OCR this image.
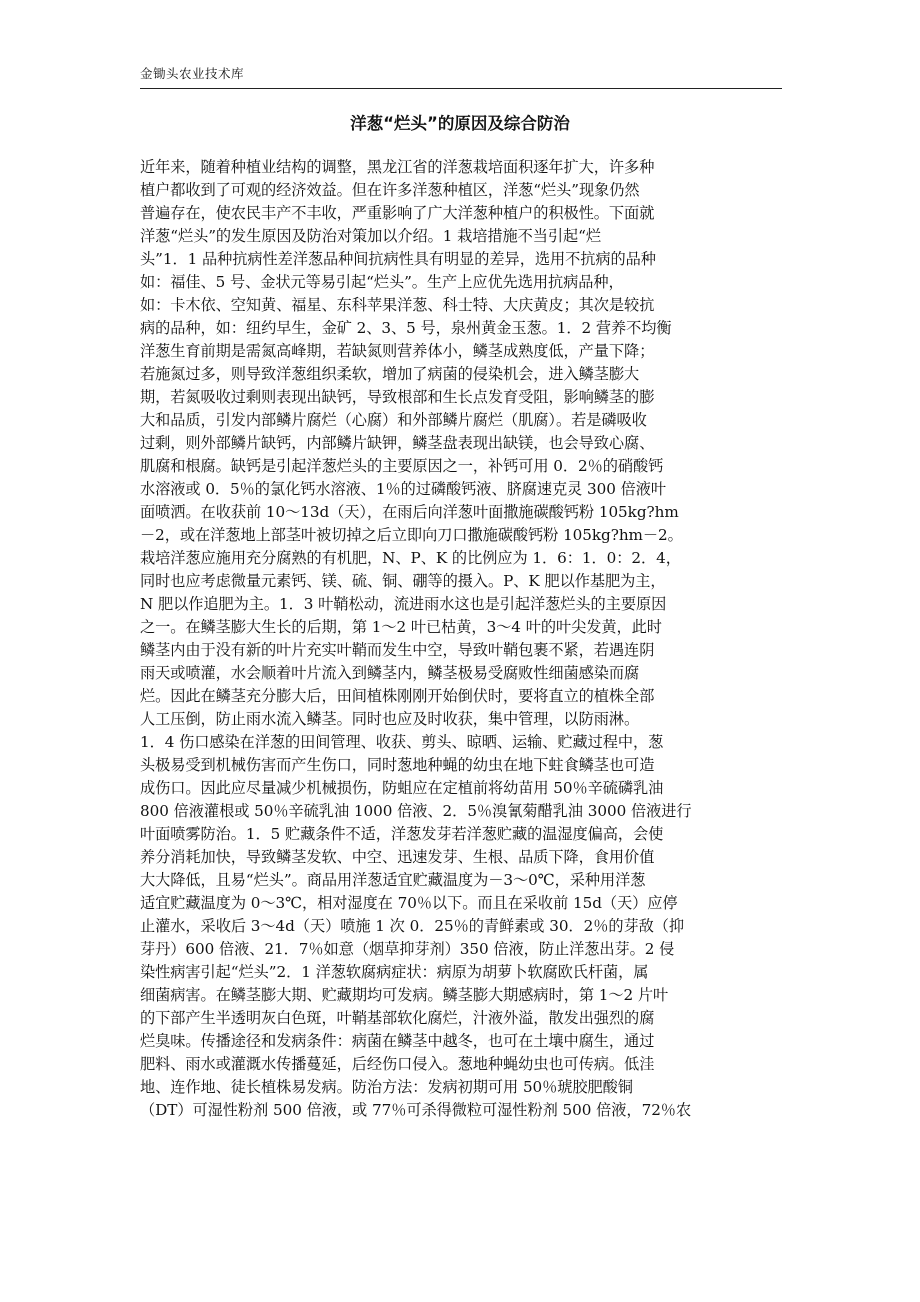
金锄头农业技术库
洋葱“烂头”的原因及综合防治
近年来，随着种植业结构的调整，黑龙江省的洋葱栽培面积逐年扩大，许多种
植户都收到了可观的经济效益。但在许多洋葱种植区，洋葱“烂头”现象仍然
普遍存在，使农民丰产不丰收，严重影响了广大洋葱种植户的积极性。下面就
洋葱“烂头”的发生原因及防治对策加以介绍。1 栽培措施不当引起“烂
头”1．1 品种抗病性差洋葱品种间抗病性具有明显的差异，选用不抗病的品种
如：福佳、5 号、金状元等易引起“烂头”。生产上应优先选用抗病品种，
如：卡木依、空知黄、福星、东科苹果洋葱、科士特、大庆黄皮；其次是较抗
病的品种，如：纽约早生，金矿 2、3、5 号，泉州黄金玉葱。1．2 营养不均衡
洋葱生育前期是需氮高峰期，若缺氮则营养体小，鳞茎成熟度低，产量下降；
若施氮过多，则导致洋葱组织柔软，增加了病菌的侵染机会，进入鳞茎膨大
期，若氮吸收过剩则表现出缺钙，导致根部和生长点发育受阻，影响鳞茎的膨
大和品质，引发内部鳞片腐烂（心腐）和外部鳞片腐烂（肌腐）。若是磷吸收
过剩，则外部鳞片缺钙，内部鳞片缺钾，鳞茎盘表现出缺镁，也会导致心腐、
肌腐和根腐。缺钙是引起洋葱烂头的主要原因之一，补钙可用 0．2％的硝酸钙
水溶液或 0．5％的氯化钙水溶液、1％的过磷酸钙液、脐腐速克灵 300 倍液叶
面喷洒。在收获前 10～13d（天），在雨后向洋葱叶面撒施碳酸钙粉 105kg?hm
－2，或在洋葱地上部茎叶被切掉之后立即向刀口撒施碳酸钙粉 105kg?hm－2。
栽培洋葱应施用充分腐熟的有机肥，N、P、K 的比例应为 1．6：1．0：2．4，
同时也应考虑微量元素钙、镁、硫、铜、硼等的摄入。P、K 肥以作基肥为主，
N 肥以作追肥为主。1．3 叶鞘松动，流进雨水这也是引起洋葱烂头的主要原因
之一。在鳞茎膨大生长的后期，第 1～2 叶已枯黄，3～4 叶的叶尖发黄，此时
鳞茎内由于没有新的叶片充实叶鞘而发生中空，导致叶鞘包裹不紧，若遇连阴
雨天或喷灌，水会顺着叶片流入到鳞茎内，鳞茎极易受腐败性细菌感染而腐
烂。因此在鳞茎充分膨大后，田间植株刚刚开始倒伏时，要将直立的植株全部
人工压倒，防止雨水流入鳞茎。同时也应及时收获，集中管理，以防雨淋。
1．4 伤口感染在洋葱的田间管理、收获、剪头、晾晒、运输、贮藏过程中，葱
头极易受到机械伤害而产生伤口，同时葱地种蝇的幼虫在地下蛀食鳞茎也可造
成伤口。因此应尽量减少机械损伤，防蛆应在定植前将幼苗用 50％辛硫磷乳油
800 倍液灌根或 50％辛硫乳油 1000 倍液、2．5％溴氰菊醋乳油 3000 倍液进行
叶面喷雾防治。1．5 贮藏条件不适，洋葱发芽若洋葱贮藏的温湿度偏高，会使
养分消耗加快，导致鳞茎发软、中空、迅速发芽、生根、品质下降，食用价值
大大降低，且易“烂头”。商品用洋葱适宜贮藏温度为－3～0℃，采种用洋葱
适宜贮藏温度为 0～3℃，相对湿度在 70％以下。而且在采收前 15d（天）应停
止灌水，采收后 3～4d（天）喷施 1 次 0．25％的青鲜素或 30．2％的芽敌（抑
芽丹）600 倍液、21．7％如意（烟草抑芽剂）350 倍液，防止洋葱出芽。2 侵
染性病害引起“烂头”2．1 洋葱软腐病症状：病原为胡萝卜软腐欧氏杆菌，属
细菌病害。在鳞茎膨大期、贮藏期均可发病。鳞茎膨大期感病时，第 1～2 片叶
的下部产生半透明灰白色斑，叶鞘基部软化腐烂，汁液外溢，散发出强烈的腐
烂臭味。传播途径和发病条件：病菌在鳞茎中越冬，也可在土壤中腐生，通过
肥料、雨水或灌溉水传播蔓延，后经伤口侵入。葱地种蝇幼虫也可传病。低洼
地、连作地、徒长植株易发病。防治方法：发病初期可用 50％琥胶肥酸铜
（DT）可湿性粉剂 500 倍液，或 77％可杀得微粒可湿性粉剂 500 倍液，72％农
